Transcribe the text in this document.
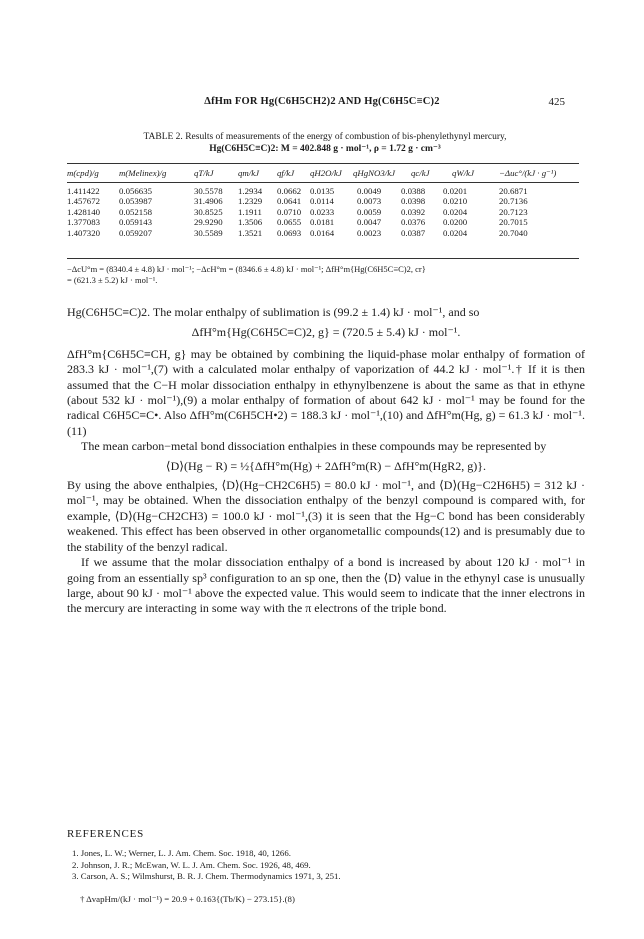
ΔfHm FOR Hg(C6H5CH2)2 AND Hg(C6H5C≡C)2	425
TABLE 2. Results of measurements of the energy of combustion of bis-phenylethynyl mercury,
Hg(C6H5C≡C)2: M = 402.848 g · mol⁻¹, ρ = 1.72 g · cm⁻³
m(cpd)/g m(Melinex)/g	qT/kJ	qm/kJ qf/kJ qH2O/kJ qHgNO3/kJ qc/kJ	qW/kJ	−Δuc°/(kJ · g⁻¹)
1.411422 0.056635	30.5578 1.2934 0.0662 0.0135	0.0049 0.0388 0.0201	20.6871
1.457672 0.053987	31.4906 1.2329 0.0641 0.0114	0.0073 0.0398 0.0210	20.7136
1.428140 0.052158	30.8525 1.1911 0.0710 0.0233	0.0059 0.0392 0.0204	20.7123
1.377083 0.059143	29.9290 1.3506 0.0655 0.0181	0.0047 0.0376 0.0200	20.7015
1.407320 0.059207	30.5589 1.3521 0.0693 0.0164	0.0023 0.0387 0.0204	20.7040
−ΔcU°m = (8340.4 ± 4.8) kJ · mol⁻¹; −ΔcH°m = (8346.6 ± 4.8) kJ · mol⁻¹; ΔfH°m{Hg(C6H5C≡C)2, cr}
= (621.3 ± 5.2) kJ · mol⁻¹.

Hg(C6H5C≡C)2. The molar enthalpy of sublimation is (99.2 ± 1.4) kJ · mol⁻¹, and so

ΔfH°m{Hg(C6H5C≡C)2, g} = (720.5 ± 5.4) kJ · mol⁻¹.

ΔfH°m{C6H5C≡CH, g} may be obtained by combining the liquid-phase molar enthalpy of formation of 283.3 kJ · mol⁻¹,(7) with a calculated molar enthalpy of vaporization of 44.2 kJ · mol⁻¹.† If it is then assumed that the C−H molar dissociation enthalpy in ethynylbenzene is about the same as that in ethyne (about 532 kJ · mol⁻¹),(9) a molar enthalpy of formation of about 642 kJ · mol⁻¹ may be found for the radical C6H5C≡C•. Also ΔfH°m(C6H5CH•2) = 188.3 kJ · mol⁻¹,(10) and ΔfH°m(Hg, g) = 61.3 kJ · mol⁻¹.(11)

The mean carbon−metal bond dissociation enthalpies in these compounds may be represented by

⟨D⟩(Hg − R) = ½{ΔfH°m(Hg) + 2ΔfH°m(R) − ΔfH°m(HgR2, g)}.

By using the above enthalpies, ⟨D⟩(Hg−CH2C6H5) = 80.0 kJ · mol⁻¹, and ⟨D⟩(Hg−C2H6H5) = 312 kJ · mol⁻¹, may be obtained. When the dissociation enthalpy of the benzyl compound is compared with, for example, ⟨D⟩(Hg−CH2CH3) = 100.0 kJ · mol⁻¹,(3) it is seen that the Hg−C bond has been considerably weakened. This effect has been observed in other organometallic compounds(12) and is presumably due to the stability of the benzyl radical.

If we assume that the molar dissociation enthalpy of a bond is increased by about 120 kJ · mol⁻¹ in going from an essentially sp³ configuration to an sp one, then the ⟨D⟩ value in the ethynyl case is unusually large, about 90 kJ · mol⁻¹ above the expected value. This would seem to indicate that the inner electrons in the mercury are interacting in some way with the π electrons of the triple bond.

REFERENCES
1. Jones, L. W.; Werner, L. J. Am. Chem. Soc. 1918, 40, 1266.
2. Johnson, J. R.; McEwan, W. L. J. Am. Chem. Soc. 1926, 48, 469.
3. Carson, A. S.; Wilmshurst, B. R. J. Chem. Thermodynamics 1971, 3, 251.
† ΔvapHm/(kJ · mol⁻¹) = 20.9 + 0.163{(Tb/K) − 273.15}.(8)
